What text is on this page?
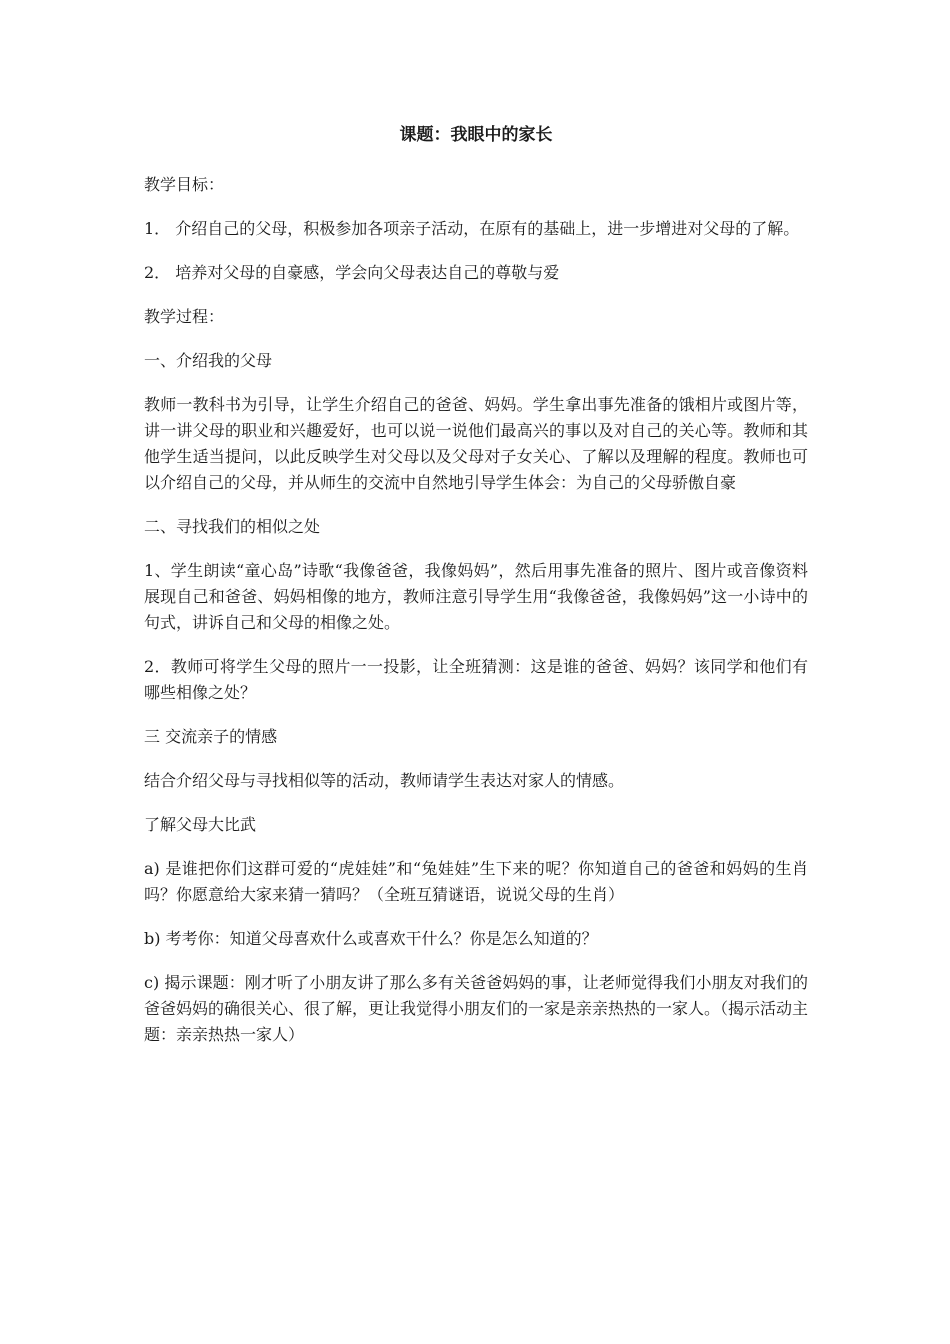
课题：我眼中的家长
教学目标：
1． 介绍自己的父母，积极参加各项亲子活动，在原有的基础上，进一步增进对父母的了解。
2． 培养对父母的自豪感，学会向父母表达自己的尊敬与爱
教学过程：
一、介绍我的父母
教师一教科书为引导，让学生介绍自己的爸爸、妈妈。学生拿出事先准备的饿相片或图片等，讲一讲父母的职业和兴趣爱好，也可以说一说他们最高兴的事以及对自己的关心等。教师和其他学生适当提问，以此反映学生对父母以及父母对子女关心、了解以及理解的程度。教师也可以介绍自己的父母，并从师生的交流中自然地引导学生体会：为自己的父母骄傲自豪
二、寻找我们的相似之处
1、学生朗读“童心岛”诗歌“我像爸爸，我像妈妈”，然后用事先准备的照片、图片或音像资料展现自己和爸爸、妈妈相像的地方，教师注意引导学生用“我像爸爸，我像妈妈”这一小诗中的句式，讲诉自己和父母的相像之处。
2．教师可将学生父母的照片一一投影，让全班猜测：这是谁的爸爸、妈妈？该同学和他们有哪些相像之处？
三 交流亲子的情感
结合介绍父母与寻找相似等的活动，教师请学生表达对家人的情感。
了解父母大比武
a) 是谁把你们这群可爱的“虎娃娃”和“兔娃娃”生下来的呢？你知道自己的爸爸和妈妈的生肖吗？你愿意给大家来猜一猜吗？（全班互猜谜语，说说父母的生肖）
b) 考考你：知道父母喜欢什么或喜欢干什么？你是怎么知道的？
c) 揭示课题：刚才听了小朋友讲了那么多有关爸爸妈妈的事，让老师觉得我们小朋友对我们的爸爸妈妈的确很关心、很了解，更让我觉得小朋友们的一家是亲亲热热的一家人。（揭示活动主题：亲亲热热一家人）
